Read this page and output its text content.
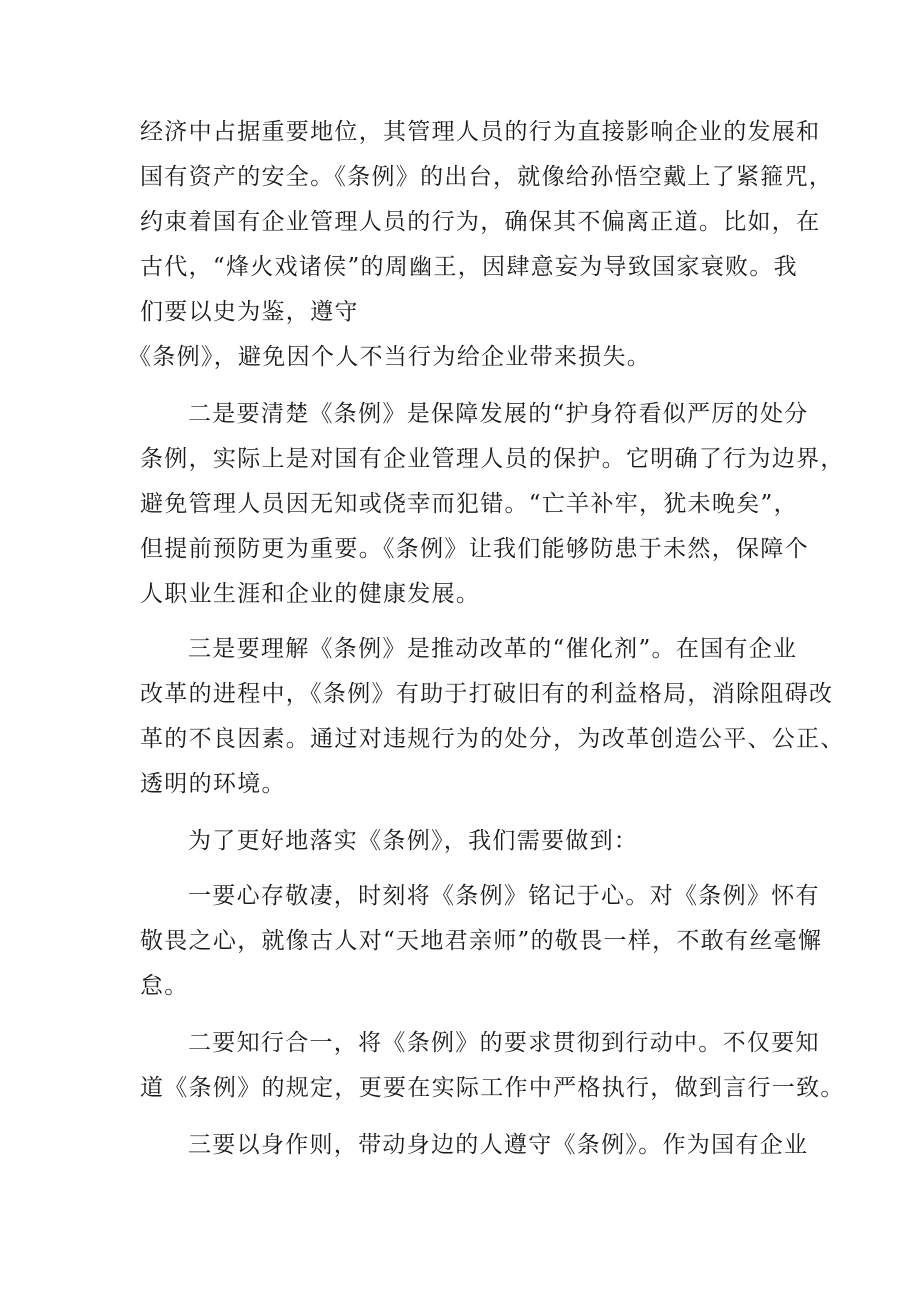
经济中占据重要地位，其管理人员的行为直接影响企业的发展和

国有资产的安全。《条例》的出台，就像给孙悟空戴上了紧箍咒，

约束着国有企业管理人员的行为，确保其不偏离正道。比如，在

古代，“烽火戏诸侯”的周幽王，因肆意妄为导致国家衰败。我

们要以史为鉴，遵守

《条例》，避免因个人不当行为给企业带来损失。

二是要清楚《条例》是保障发展的“护身符看似严厉的处分

条例，实际上是对国有企业管理人员的保护。它明确了行为边界，

避免管理人员因无知或侥幸而犯错。“亡羊补牢，犹未晚矣”，

但提前预防更为重要。《条例》让我们能够防患于未然，保障个

人职业生涯和企业的健康发展。

三是要理解《条例》是推动改革的“催化剂”。在国有企业

改革的进程中，《条例》有助于打破旧有的利益格局，消除阻碍改

革的不良因素。通过对违规行为的处分，为改革创造公平、公正、

透明的环境。

为了更好地落实《条例》，我们需要做到：

一要心存敬凄，时刻将《条例》铭记于心。对《条例》怀有

敬畏之心，就像古人对“天地君亲师”的敬畏一样，不敢有丝毫懈

怠。

二要知行合一，将《条例》的要求贯彻到行动中。不仅要知

道《条例》的规定，更要在实际工作中严格执行，做到言行一致。

三要以身作则，带动身边的人遵守《条例》。作为国有企业
